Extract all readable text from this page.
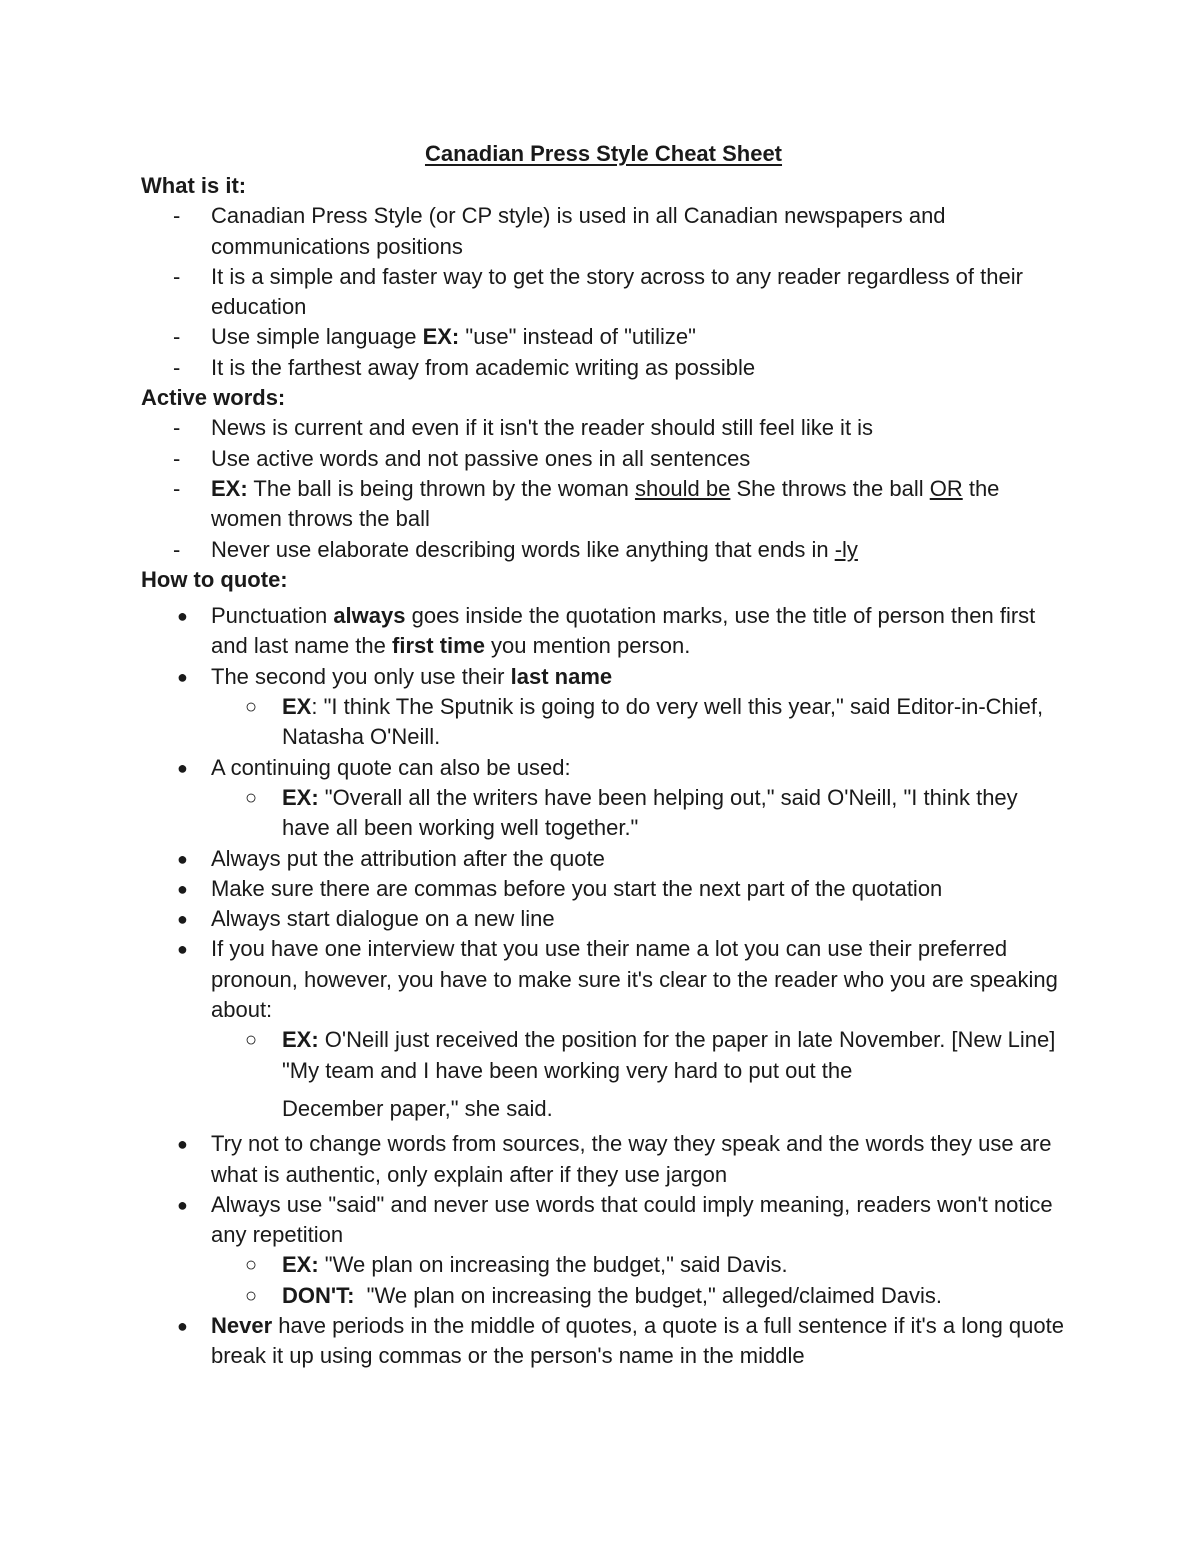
Canadian Press Style Cheat Sheet
What is it:
-	Canadian Press Style (or CP style) is used in all Canadian newspapers and communications positions
-	It is a simple and faster way to get the story across to any reader regardless of their education
-	Use simple language EX: "use" instead of "utilize"
-	It is the farthest away from academic writing as possible
Active words:
-	News is current and even if it isn't the reader should still feel like it is
-	Use active words and not passive ones in all sentences
-	EX: The ball is being thrown by the woman should be She throws the ball OR the women throws the ball
-	Never use elaborate describing words like anything that ends in -ly
How to quote:
●	Punctuation always goes inside the quotation marks, use the title of person then first and last name the first time you mention person.
●	The second you only use their last name
○	EX: "I think The Sputnik is going to do very well this year," said Editor-in-Chief, Natasha O'Neill.
●	A continuing quote can also be used:
○	EX: "Overall all the writers have been helping out," said O'Neill, "I think they have all been working well together."
●	Always put the attribution after the quote
●	Make sure there are commas before you start the next part of the quotation
●	Always start dialogue on a new line
●	If you have one interview that you use their name a lot you can use their preferred pronoun, however, you have to make sure it's clear to the reader who you are speaking about:
○	EX: O'Neill just received the position for the paper in late November. [New Line] "My team and I have been working very hard to put out the December paper," she said.
●	Try not to change words from sources, the way they speak and the words they use are what is authentic, only explain after if they use jargon
●	Always use "said" and never use words that could imply meaning, readers won't notice any repetition
○	EX: "We plan on increasing the budget," said Davis.
○	DON'T:  "We plan on increasing the budget," alleged/claimed Davis.
●	Never have periods in the middle of quotes, a quote is a full sentence if it's a long quote break it up using commas or the person's name in the middle
